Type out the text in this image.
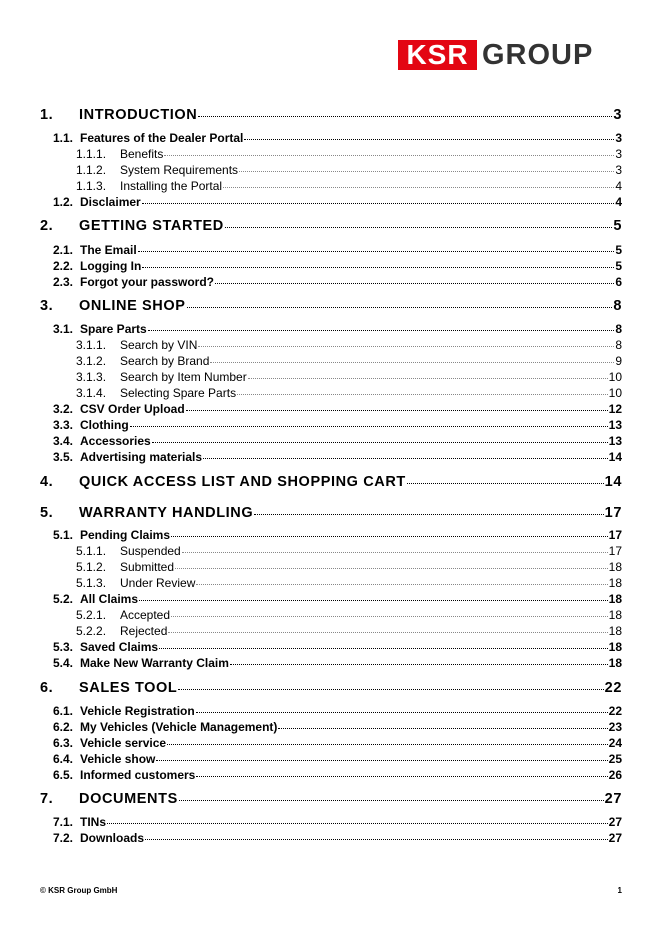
KSR GROUP
1.	INTRODUCTION	3
1.1. Features of the Dealer Portal	3
1.1.1.	Benefits	3
1.1.2.	System Requirements	3
1.1.3.	Installing the Portal	4
1.2. Disclaimer	4
2.	GETTING STARTED	5
2.1. The Email	5
2.2. Logging In	5
2.3. Forgot your password?	6
3.	ONLINE SHOP	8
3.1. Spare Parts	8
3.1.1.	Search by VIN	8
3.1.2.	Search by Brand	9
3.1.3.	Search by Item Number	10
3.1.4.	Selecting Spare Parts	10
3.2. CSV Order Upload	12
3.3. Clothing	13
3.4. Accessories	13
3.5. Advertising materials	14
4.	QUICK ACCESS LIST AND SHOPPING CART	14
5.	WARRANTY HANDLING	17
5.1. Pending Claims	17
5.1.1.	Suspended	17
5.1.2.	Submitted	18
5.1.3.	Under Review	18
5.2. All Claims	18
5.2.1.	Accepted	18
5.2.2.	Rejected	18
5.3. Saved Claims	18
5.4. Make New Warranty Claim	18
6.	SALES TOOL	22
6.1. Vehicle Registration	22
6.2. My Vehicles (Vehicle Management)	23
6.3. Vehicle service	24
6.4. Vehicle show	25
6.5. Informed customers	26
7.	DOCUMENTS	27
7.1. TINs	27
7.2. Downloads	27
© KSR Group GmbH	1
